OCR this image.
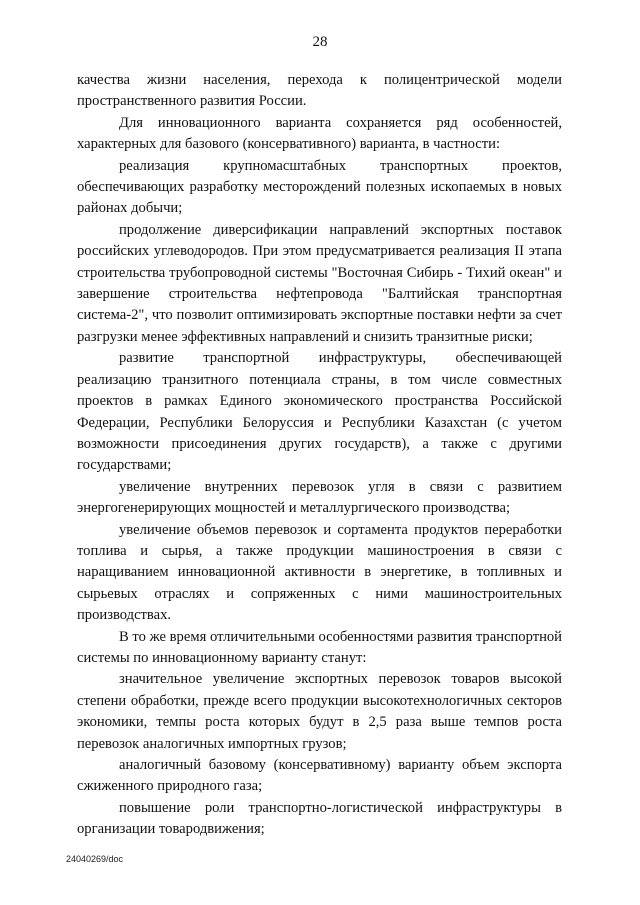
28

качества жизни населения, перехода к полицентрической модели пространственного развития России.

Для инновационного варианта сохраняется ряд особенностей, характерных для базового (консервативного) варианта, в частности:

реализация крупномасштабных транспортных проектов, обеспечивающих разработку месторождений полезных ископаемых в новых районах добычи;

продолжение диверсификации направлений экспортных поставок российских углеводородов. При этом предусматривается реализация II этапа строительства трубопроводной системы "Восточная Сибирь - Тихий океан" и завершение строительства нефтепровода "Балтийская транспортная система-2", что позволит оптимизировать экспортные поставки нефти за счет разгрузки менее эффективных направлений и снизить транзитные риски;

развитие транспортной инфраструктуры, обеспечивающей реализацию транзитного потенциала страны, в том числе совместных проектов в рамках Единого экономического пространства Российской Федерации, Республики Белоруссия и Республики Казахстан (с учетом возможности присоединения других государств), а также с другими государствами;

увеличение внутренних перевозок угля в связи с развитием энергогенерирующих мощностей и металлургического производства;

увеличение объемов перевозок и сортамента продуктов переработки топлива и сырья, а также продукции машиностроения в связи с наращиванием инновационной активности в энергетике, в топливных и сырьевых отраслях и сопряженных с ними машиностроительных производствах.

В то же время отличительными особенностями развития транспортной системы по инновационному варианту станут:

значительное увеличение экспортных перевозок товаров высокой степени обработки, прежде всего продукции высокотехнологичных секторов экономики, темпы роста которых будут в 2,5 раза выше темпов роста перевозок аналогичных импортных грузов;

аналогичный базовому (консервативному) варианту объем экспорта сжиженного природного газа;

повышение роли транспортно-логистической инфраструктуры в организации товародвижения;

24040269/doc
